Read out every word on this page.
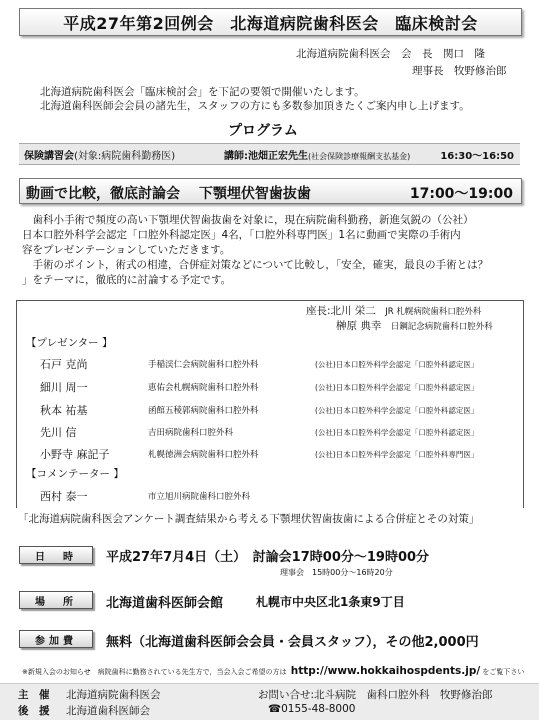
平成27年第2回例会　北海道病院歯科医会　臨床検討会
北海道病院歯科医会　会　長　関口　隆
理事長　牧野修治郎
北海道病院歯科医会「臨床検討会」を下記の要領で開催いたします。
北海道歯科医師会会員の諸先生，スタッフの方にも多数参加頂きたくご案内申し上げます。
プログラム
保険講習会(対象:病院歯科勤務医)	講師:池畑正宏先生(社会保険診療報酬支払基金)	16:30〜16:50
動画で比較，徹底討論会　 下顎埋伏智歯抜歯	17:00〜19:00
　歯科小手術で頻度の高い下顎埋伏智歯抜歯を対象に，現在病院歯科勤務，新進気鋭の（公社）
日本口腔外科学会認定「口腔外科認定医」4名，「口腔外科専門医」1名に動画で実際の手術内
容をプレゼンテーションしていただきます。
　手術のポイント，術式の相違，合併症対策などについて比較し，「安全，確実，最良の手術とは？
」をテーマに，徹底的に討論する予定です。
座長:北川 栄二 JR 札幌病院歯科口腔外科
榊原 典幸 日鋼記念病院歯科口腔外科
【プレゼンター 】
石戸 克尚	手稲渓仁会病院歯科口腔外科	(公社)日本口腔外科学会認定「口腔外科認定医」
細川 周一	恵佑会札幌病院歯科口腔外科	(公社)日本口腔外科学会認定「口腔外科認定医」
秋本 祐基	函館五稜郭病院歯科口腔外科	(公社)日本口腔外科学会認定「口腔外科認定医」
先川 信	吉田病院歯科口腔外科	(公社)日本口腔外科学会認定「口腔外科認定医」
小野寺 麻記子	札幌徳洲会病院歯科口腔外科	(公社)日本口腔外科学会認定「口腔外科専門医」
【コメンテーター 】
西村 泰一	市立旭川病院歯科口腔外科
「北海道病院歯科医会アンケート調査結果から考える下顎埋伏智歯抜歯による合併症とその対策」
日　時	平成27年7月4日（土）　討論会17時00分〜19時00分
理事会　15時00分〜16時20分
場　所	北海道歯科医師会館	札幌市中央区北1条東9丁目
参加費	無料（北海道歯科医師会会員・会員スタッフ），その他2,000円
※新規入会のお知らせ　病院歯科に勤務されている先生方で，当会入会ご希望の方は http://www.hokkaihospdents.jp/ をご覧下さい
主　催 北海道病院歯科医会
後　援 北海道歯科医師会
お問い合せ:北斗病院　歯科口腔外科　牧野修治郎
☎0155-48-8000
